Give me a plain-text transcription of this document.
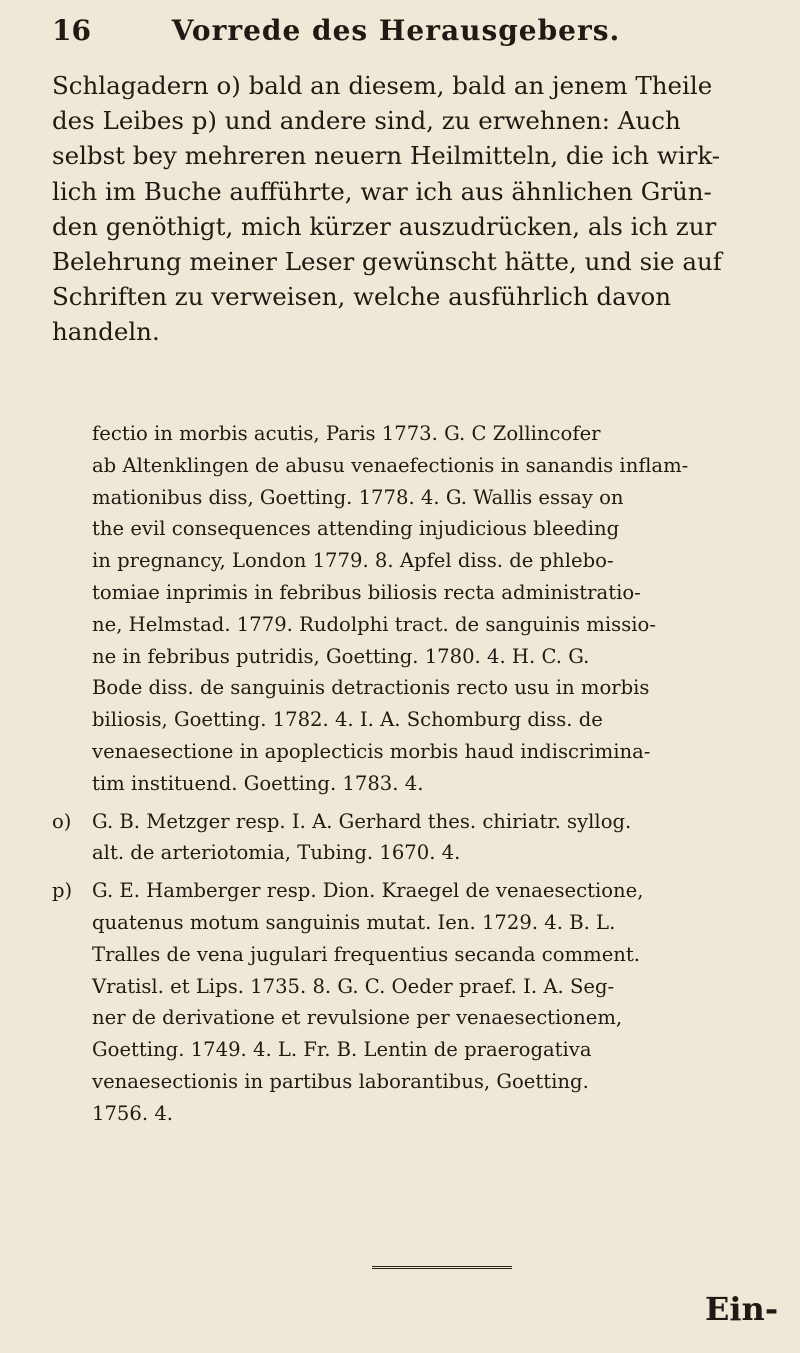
16	Vorrede des Herausgebers.

Schlagadern o) bald an diesem, bald an jenem Theile
des Leibes p) und andere sind, zu erwehnen: Auch
selbst bey mehreren neuern Heilmitteln, die ich wirk-
lich im Buche aufführte, war ich aus ähnlichen Grün-
den genöthigt, mich kürzer auszudrücken, als ich zur
Belehrung meiner Leser gewünscht hätte, und sie auf
Schriften zu verweisen, welche ausführlich davon
handeln.

fectio in morbis acutis, Paris 1773. G. C Zollincofer
ab Altenklingen de abusu venaefectionis in sanandis inflam-
mationibus diss, Goetting. 1778. 4. G. Wallis essay on
the evil consequences attending injudicious bleeding
in pregnancy, London 1779. 8. Apfel diss. de phlebo-
tomiae inprimis in febribus biliosis recta administratio-
ne, Helmstad. 1779. Rudolphi tract. de sanguinis missio-
ne in febribus putridis, Goetting. 1780. 4. H. C. G.
Bode diss. de sanguinis detractionis recto usu in morbis
biliosis, Goetting. 1782. 4. I. A. Schomburg diss. de
venaesectione in apoplecticis morbis haud indiscrimina-
tim instituend. Goetting. 1783. 4.
o) G. B. Metzger resp. I. A. Gerhard thes. chiriatr. syllog.
alt. de arteriotomia, Tubing. 1670. 4.
p) G. E. Hamberger resp. Dion. Kraegel de venaesectione,
quatenus motum sanguinis mutat. Ien. 1729. 4. B. L.
Tralles de vena jugulari frequentius secanda comment.
Vratisl. et Lips. 1735. 8. G. C. Oeder praef. I. A. Seg-
ner de derivatione et revulsione per venaesectionem,
Goetting. 1749. 4. L. Fr. B. Lentin de praerogativa
venaesectionis in partibus laborantibus, Goetting.
1756. 4.
Ein-
